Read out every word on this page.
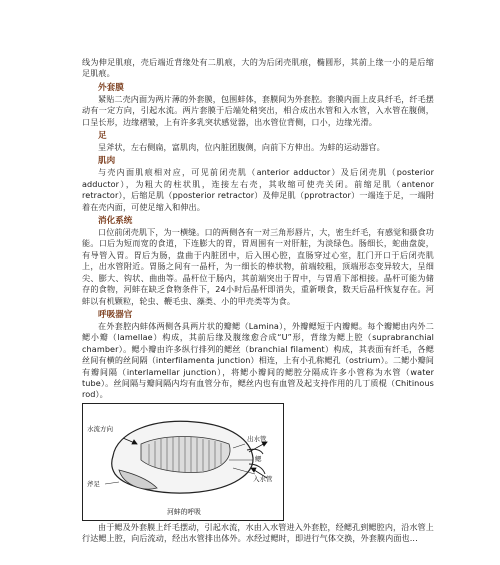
线为伸足肌痕，壳后端近背缘处有二肌痕，大的为后闭壳肌痕，椭圆形，其前上缘一小的是后缩足肌痕。

外套膜

紧贴二壳内面为两片薄的外套膜，包围蚌体，套膜间为外套腔。套膜内面上皮具纤毛，纤毛摆动有一定方向，引起水流。两片套膜于后端处稍突出，相合成出水管和入水管，入水管在腹侧，口呈长形，边缘褶皱，上有许多乳突状感觉器，出水管位背侧，口小，边缘光滑。

足

呈斧状，左右侧扁，富肌肉，位内脏团腹侧，向前下方伸出。为蚌的运动器官。

肌肉

与壳内面肌痕相对应，可见前闭壳肌（anterior adductor）及后闭壳肌（posterior adductor），为粗大的柱状肌，连接左右壳，其收缩可使壳关闭。前缩足肌（antenor retractor），后缩足肌（pposterior retractor）及伸足肌（pprotractor）一端连于足，一端附着在壳内面，可使足缩入和伸出。

消化系统

口位前闭壳肌下，为一横缝。口的两侧各有一对三角形唇片，大，密生纤毛，有感觉和摄食功能。口后为短而宽的食道，下连膨大的胃，胃周围有一对肝脏，为淡绿色。肠细长，蛇曲盘旋，有导管入胃。胃后为肠，盘曲于内脏团中，后入围心腔，直肠穿过心室，肛门开口于后闭壳肌上，出水管附近。胃肠之间有一晶杆，为一细长的棒状物，前端较粗，顶端形态变异较大，呈细尖、膨大、钩状、曲曲等。晶杆位于肠内，其前端突出于胃中，与胃盾下部相接。晶杆可能为储存的食物，河蚌在缺乏食物条件下，24小时后晶杆即消失，重新喂食，数天后晶杆恢复存在。河蚌以有机颗粒，轮虫、鞭毛虫、藻类、小的甲壳类等为食。

呼吸器官

在外套腔内蚌体两侧各具两片状的瓣鳃（Lamina），外瓣鳃短于内瓣鳃。每个瓣鳃由内外二鳃小瓣（lamellae）构成，其前后缘及腹缘愈合成“U”形，背缘为鳃上腔（suprabranchial chamber）。鳃小瓣由许多纵行排列的鳃丝（branchial filament）构成，其表面有纤毛，各鳃丝间有横的丝间隔（interfilamenta junction）相连，上有小孔称鳃孔（ostrium）。二鳃小瓣间有瓣间隔（interlamellar junction），将鳃小瓣间的鳃腔分隔成许多小管称为水管（water tube）。丝间隔与瓣间隔内均有血管分布，鳃丝内也有血管及起支持作用的几丁质棍（Chitinous rod）。

水流方向
出水管
鳃
入水管
斧足
河蚌的呼吸

由于鳃及外套膜上纤毛摆动，引起水流，水由入水管进入外套腔，经鳃孔到鳃腔内，沿水管上行达鳃上腔，向后流动，经出水管排出体外。水经过鳃时，即进行气体交换，外套膜内面也...
